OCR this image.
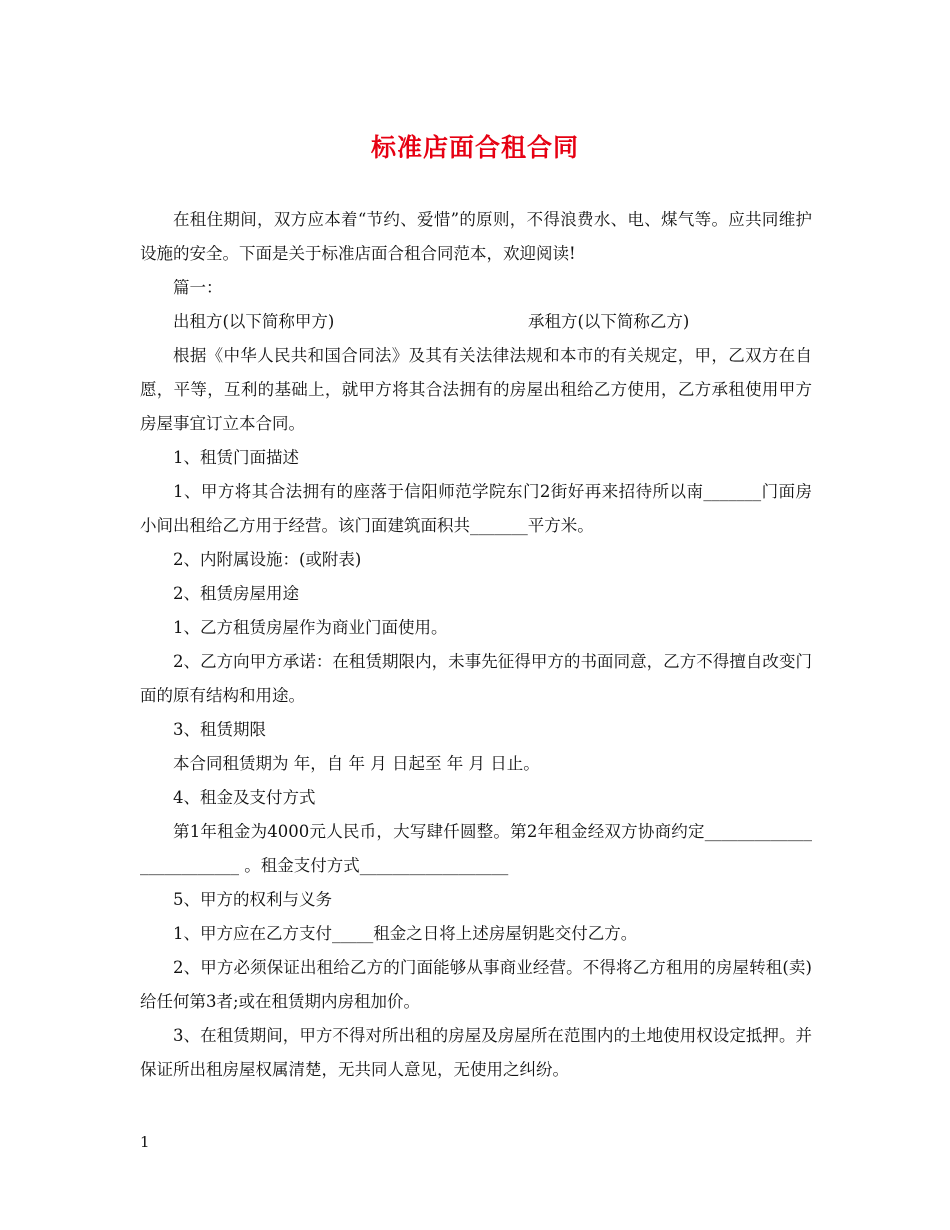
标准店面合租合同

在租住期间，双方应本着“节约、爱惜”的原则，不得浪费水、电、煤气等。应共同维护设施的安全。下面是关于标准店面合租合同范本，欢迎阅读!

篇一：

出租方(以下简称甲方)	承租方(以下简称乙方)

根据《中华人民共和国合同法》及其有关法律法规和本市的有关规定，甲，乙双方在自愿，平等，互利的基础上，就甲方将其合法拥有的房屋出租给乙方使用，乙方承租使用甲方房屋事宜订立本合同。

1、租赁门面描述

1、甲方将其合法拥有的座落于信阳师范学院东门2街好再来招待所以南_______门面房小间出租给乙方用于经营。该门面建筑面积共_______平方米。

2、内附属设施：(或附表)

2、租赁房屋用途

1、乙方租赁房屋作为商业门面使用。

2、乙方向甲方承诺：在租赁期限内，未事先征得甲方的书面同意，乙方不得擅自改变门面的原有结构和用途。

3、租赁期限

本合同租赁期为 年，自 年 月 日起至 年 月 日止。

4、租金及支付方式

第1年租金为4000元人民币，大写肆仟圆整。第2年租金经双方协商约定_________________________ 。租金支付方式__________________

5、甲方的权利与义务

1、甲方应在乙方支付_____租金之日将上述房屋钥匙交付乙方。

2、甲方必须保证出租给乙方的门面能够从事商业经营。不得将乙方租用的房屋转租(卖)给任何第3者;或在租赁期内房租加价。

3、在租赁期间，甲方不得对所出租的房屋及房屋所在范围内的土地使用权设定抵押。并保证所出租房屋权属清楚，无共同人意见，无使用之纠纷。

1
